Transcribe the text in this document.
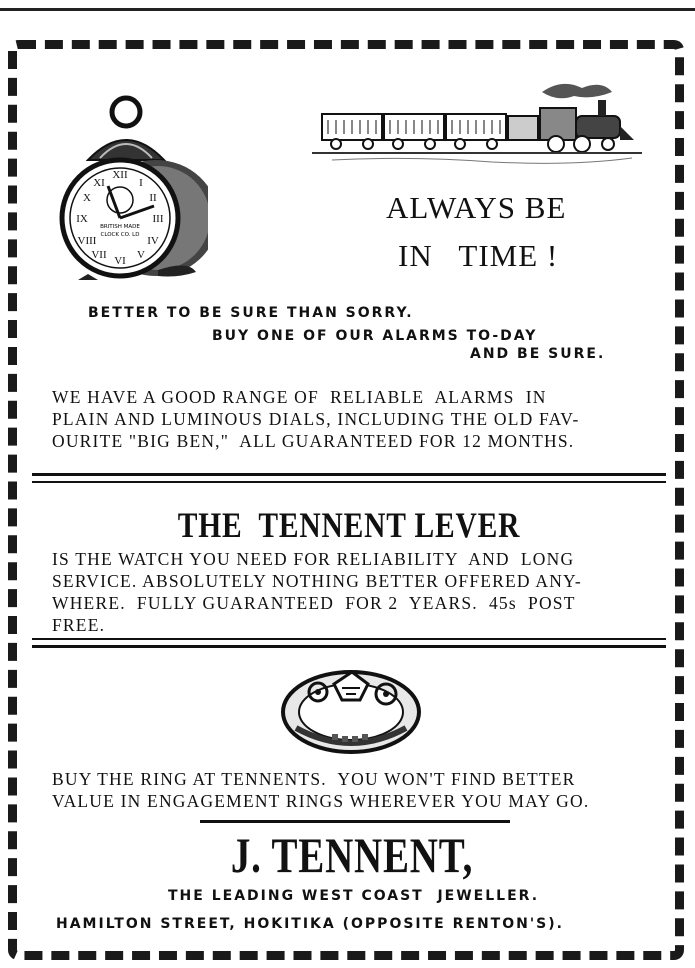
XII
III
VI
IX
I
II
IV
V
VII
VIII
X
XI
BRITISH MADE
CLOCK CO. LD
ALWAYS BE
IN   TIME !
BETTER TO BE SURE THAN SORRY.
BUY ONE OF OUR ALARMS TO-DAY
AND BE SURE.
WE HAVE A GOOD RANGE OF  RELIABLE  ALARMS  IN
PLAIN AND LUMINOUS DIALS, INCLUDING THE OLD FAV-
OURITE "BIG BEN,"  ALL GUARANTEED FOR 12 MONTHS.
THE  TENNENT LEVER
IS THE WATCH YOU NEED FOR RELIABILITY  AND  LONG
SERVICE. ABSOLUTELY NOTHING BETTER OFFERED ANY-
WHERE.  FULLY GUARANTEED  FOR 2  YEARS.  45s  POST
FREE.
BUY THE RING AT TENNENTS.  YOU WON'T FIND BETTER
VALUE IN ENGAGEMENT RINGS WHEREVER YOU MAY GO.
J. TENNENT,
THE LEADING WEST COAST  JEWELLER.
HAMILTON STREET, HOKITIKA (OPPOSITE RENTON'S).
